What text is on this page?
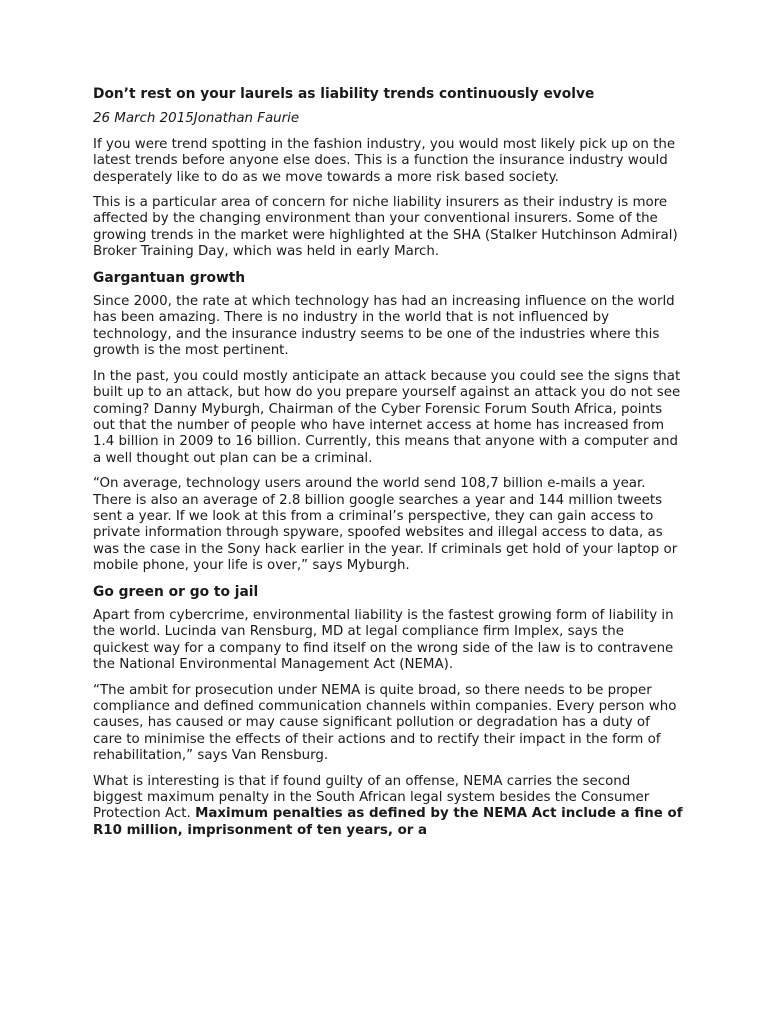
Don’t rest on your laurels as liability trends continuously evolve
26 March 2015Jonathan Faurie

If you were trend spotting in the fashion industry, you would most likely pick up on the latest trends before anyone else does. This is a function the insurance industry would desperately like to do as we move towards a more risk based society.

This is a particular area of concern for niche liability insurers as their industry is more affected by the changing environment than your conventional insurers. Some of the growing trends in the market were highlighted at the SHA (Stalker Hutchinson Admiral) Broker Training Day, which was held in early March.

Gargantuan growth

Since 2000, the rate at which technology has had an increasing influence on the world has been amazing. There is no industry in the world that is not influenced by technology, and the insurance industry seems to be one of the industries where this growth is the most pertinent.

In the past, you could mostly anticipate an attack because you could see the signs that built up to an attack, but how do you prepare yourself against an attack you do not see coming? Danny Myburgh, Chairman of the Cyber Forensic Forum South Africa, points out that the number of people who have internet access at home has increased from 1.4 billion in 2009 to 16 billion. Currently, this means that anyone with a computer and a well thought out plan can be a criminal.

“On average, technology users around the world send 108,7 billion e-mails a year. There is also an average of 2.8 billion google searches a year and 144 million tweets sent a year. If we look at this from a criminal’s perspective, they can gain access to private information through spyware, spoofed websites and illegal access to data, as was the case in the Sony hack earlier in the year. If criminals get hold of your laptop or mobile phone, your life is over,” says Myburgh.

Go green or go to jail

Apart from cybercrime, environmental liability is the fastest growing form of liability in the world. Lucinda van Rensburg, MD at legal compliance firm Implex, says the quickest way for a company to find itself on the wrong side of the law is to contravene the National Environmental Management Act (NEMA).

“The ambit for prosecution under NEMA is quite broad, so there needs to be proper compliance and defined communication channels within companies. Every person who causes, has caused or may cause significant pollution or degradation has a duty of care to minimise the effects of their actions and to rectify their impact in the form of rehabilitation,” says Van Rensburg.

What is interesting is that if found guilty of an offense, NEMA carries the second biggest maximum penalty in the South African legal system besides the Consumer Protection Act. Maximum penalties as defined by the NEMA Act include a fine of R10 million, imprisonment of ten years, or a
